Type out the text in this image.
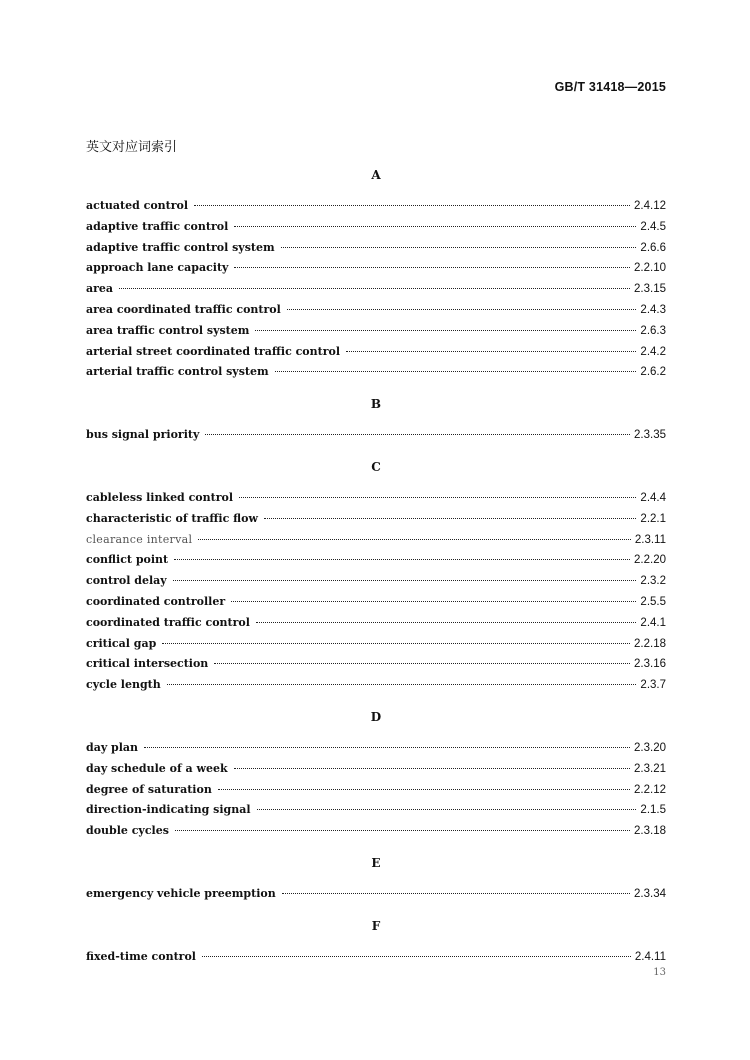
GB/T 31418—2015
英文对应词索引
A
actuated control	2.4.12
adaptive traffic control	2.4.5
adaptive traffic control system	2.6.6
approach lane capacity	2.2.10
area	2.3.15
area coordinated traffic control	2.4.3
area traffic control system	2.6.3
arterial street coordinated traffic control	2.4.2
arterial traffic control system	2.6.2
B
bus signal priority	2.3.35
C
cableless linked control	2.4.4
characteristic of traffic flow	2.2.1
clearance interval	2.3.11
conflict point	2.2.20
control delay	2.3.2
coordinated controller	2.5.5
coordinated traffic control	2.4.1
critical gap	2.2.18
critical intersection	2.3.16
cycle length	2.3.7
D
day plan	2.3.20
day schedule of a week	2.3.21
degree of saturation	2.2.12
direction-indicating signal	2.1.5
double cycles	2.3.18
E
emergency vehicle preemption	2.3.34
F
fixed-time control	2.4.11
13
